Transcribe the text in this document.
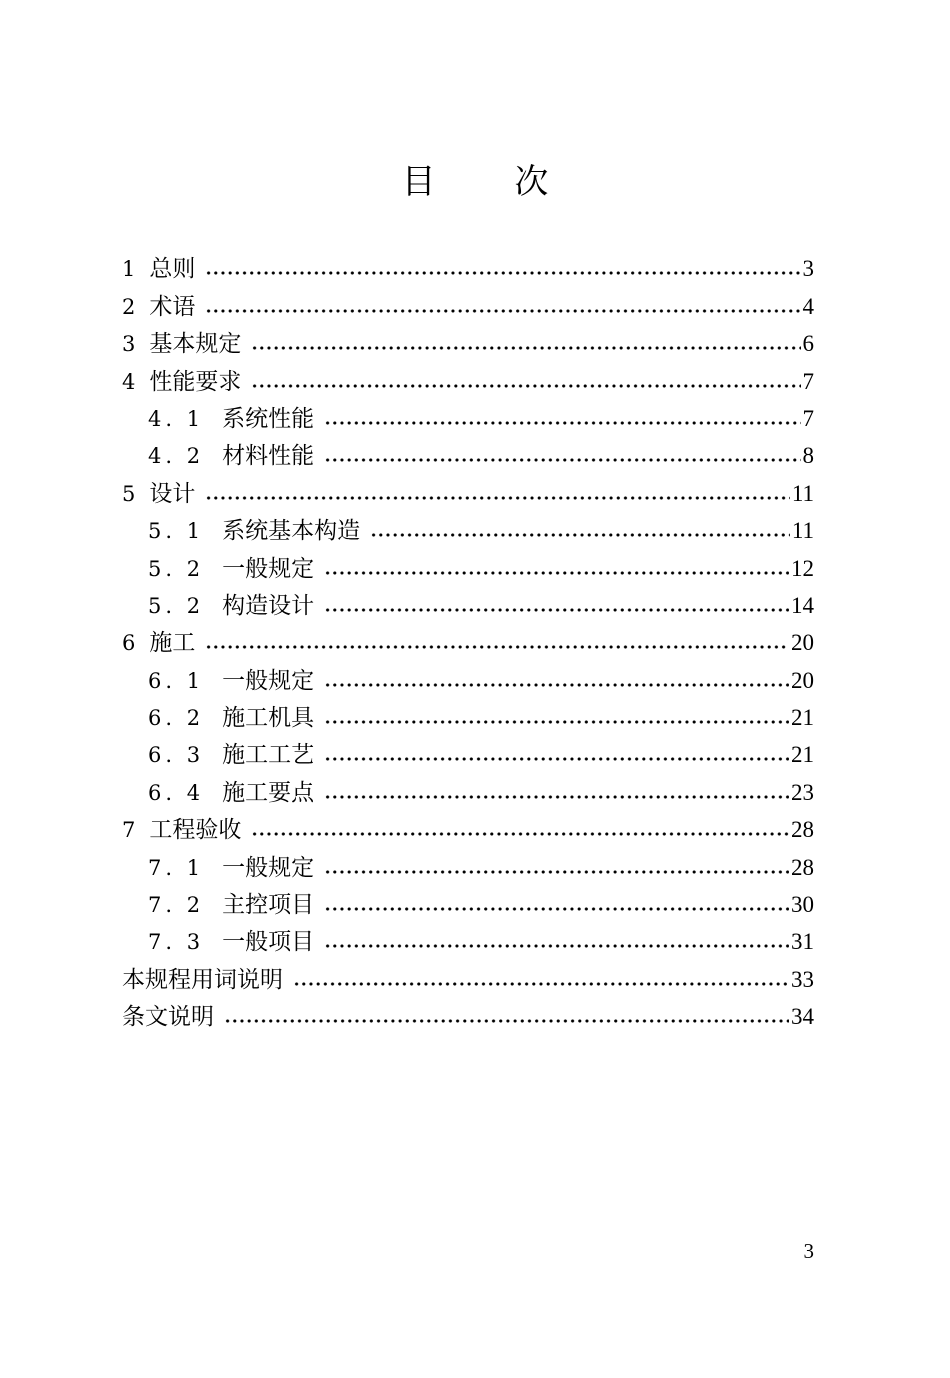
目 次
1 总则	3
2 术语	4
3 基本规定	6
4 性能要求	7
4. 1 系统性能	7
4. 2 材料性能	8
5 设计	11
5. 1 系统基本构造	11
5. 2 一般规定	12
5. 2 构造设计	14
6 施工	20
6. 1 一般规定	20
6. 2 施工机具	21
6. 3 施工工艺	21
6. 4 施工要点	23
7 工程验收	28
7. 1 一般规定	28
7. 2 主控项目	30
7. 3 一般项目	31
本规程用词说明	33
条文说明	34
3
